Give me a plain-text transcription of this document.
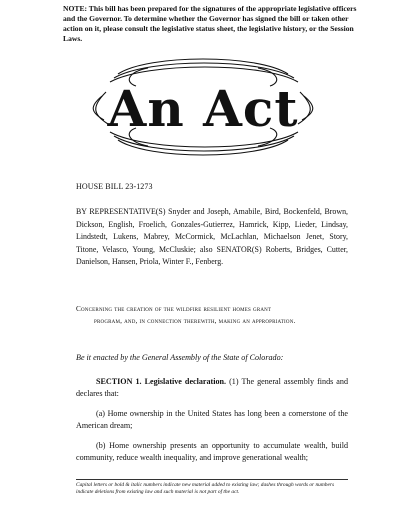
NOTE: This bill has been prepared for the signatures of the appropriate legislative officers and the Governor. To determine whether the Governor has signed the bill or taken other action on it, please consult the legislative status sheet, the legislative history, or the Session Laws.
An Act
HOUSE BILL 23-1273
BY REPRESENTATIVE(S) Snyder and Joseph, Amabile, Bird, Bockenfeld, Brown, Dickson, English, Froelich, Gonzales-Gutierrez, Hamrick, Kipp, Lieder, Lindsay, Lindstedt, Lukens, Mabrey, McCormick, McLachlan, Michaelson Jenet, Story, Titone, Velasco, Young, McCluskie; also SENATOR(S) Roberts, Bridges, Cutter, Danielson, Hansen, Priola, Winter F., Fenberg.
Concerning the creation of the wildfire resilient homes grant
program, and, in connection therewith, making an appropriation.
Be it enacted by the General Assembly of the State of Colorado:
SECTION 1. Legislative declaration. (1) The general assembly finds and declares that:
(a) Home ownership in the United States has long been a cornerstone of the American dream;
(b) Home ownership presents an opportunity to accumulate wealth, build community, reduce wealth inequality, and improve generational wealth;
Capital letters or bold & italic numbers indicate new material added to existing law; dashes through words or numbers indicate deletions from existing law and such material is not part of the act.
